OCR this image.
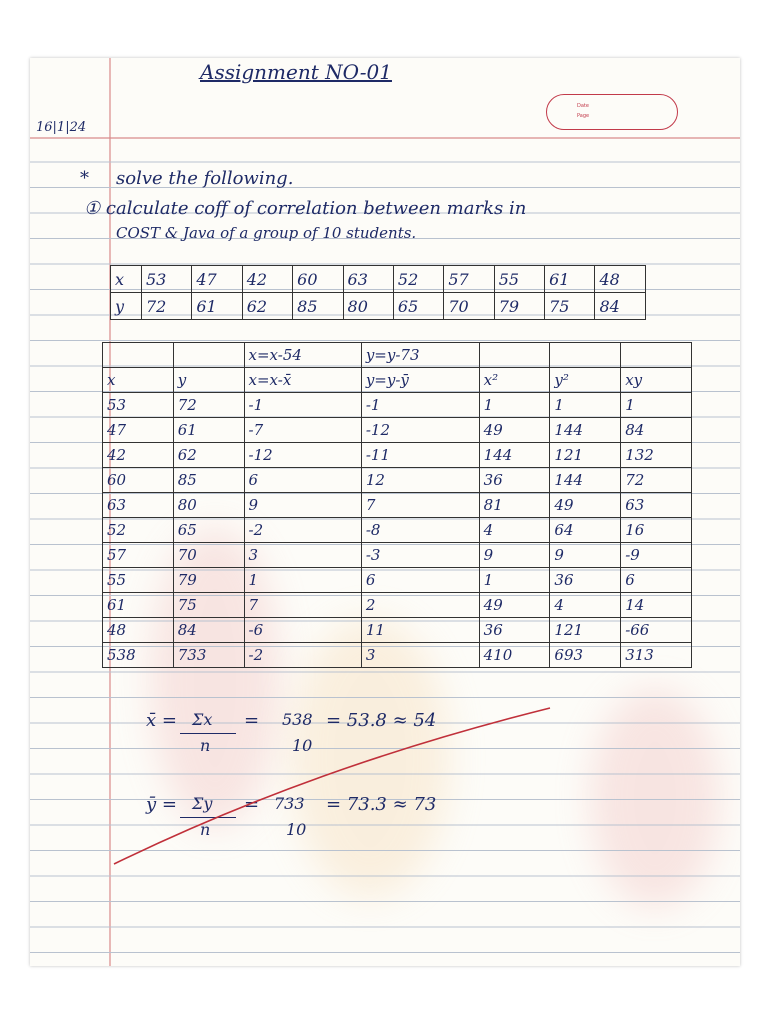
Assignment NO-01
16|1|24
Date
Page
* solve the following.
① calculate coff of correlation between marks in
COST & Java of a group of 10 students.
x	53	47	42	60	63	52	57	55	61	48
y	72	61	62	85	80	65	70	79	75	84
		x=x-54	y=y-73			
x	y	x=x-x̄	y=y-ȳ	x²	y²	xy
53	72	-1	-1	1	1	1
47	61	-7	-12	49	144	84
42	62	-12	-11	144	121	132
60	85	6	12	36	144	72
63	80	9	7	81	49	63
52	65	-2	-8	4	64	16
57	70	3	-3	9	9	-9
55	79	1	6	1	36	6
61	75	7	2	49	4	14
48	84	-6	11	36	121	-66
538	733	-2	3	410	693	313
x̄ = Σx
n
= 538
10
= 53.8 ≈ 54
ȳ = Σy
n
= 733
10
= 73.3 ≈ 73
